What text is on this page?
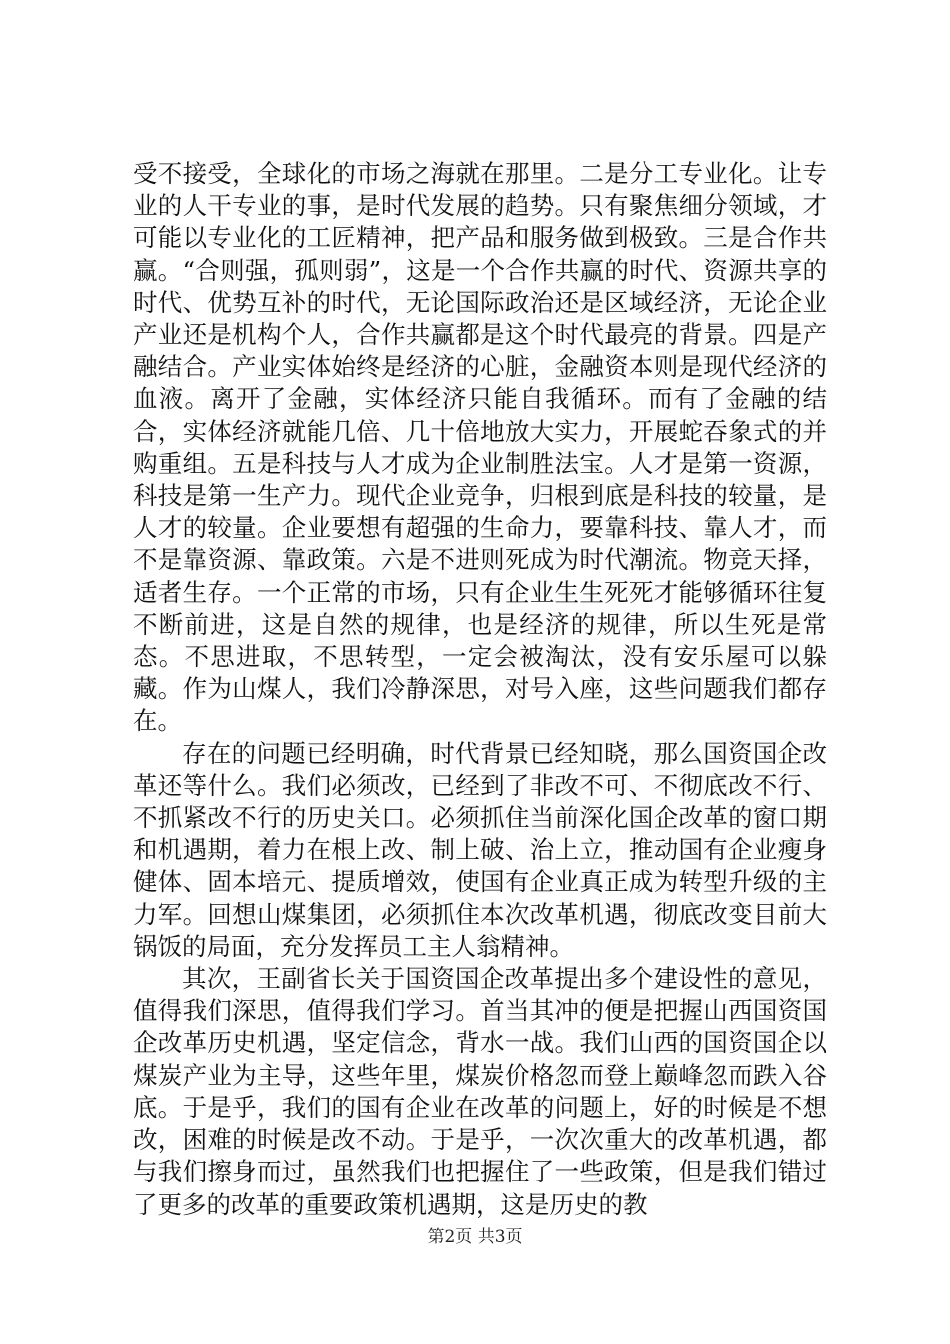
受不接受，全球化的市场之海就在那里。二是分工专业化。让专业的人干专业的事，是时代发展的趋势。只有聚焦细分领域，才可能以专业化的工匠精神，把产品和服务做到极致。三是合作共赢。“合则强，孤则弱”，这是一个合作共赢的时代、资源共享的时代、优势互补的时代，无论国际政治还是区域经济，无论企业产业还是机构个人，合作共赢都是这个时代最亮的背景。四是产融结合。产业实体始终是经济的心脏，金融资本则是现代经济的血液。离开了金融，实体经济只能自我循环。而有了金融的结合，实体经济就能几倍、几十倍地放大实力，开展蛇吞象式的并购重组。五是科技与人才成为企业制胜法宝。人才是第一资源，科技是第一生产力。现代企业竞争，归根到底是科技的较量，是人才的较量。企业要想有超强的生命力，要靠科技、靠人才，而不是靠资源、靠政策。六是不进则死成为时代潮流。物竞天择，适者生存。一个正常的市场，只有企业生生死死才能够循环往复不断前进，这是自然的规律，也是经济的规律，所以生死是常态。不思进取，不思转型，一定会被淘汰，没有安乐屋可以躲藏。作为山煤人，我们冷静深思，对号入座，这些问题我们都存在。

存在的问题已经明确，时代背景已经知晓，那么国资国企改革还等什么。我们必须改，已经到了非改不可、不彻底改不行、不抓紧改不行的历史关口。必须抓住当前深化国企改革的窗口期和机遇期，着力在根上改、制上破、治上立，推动国有企业瘦身健体、固本培元、提质增效，使国有企业真正成为转型升级的主力军。回想山煤集团，必须抓住本次改革机遇，彻底改变目前大锅饭的局面，充分发挥员工主人翁精神。

其次，王副省长关于国资国企改革提出多个建设性的意见，值得我们深思，值得我们学习。首当其冲的便是把握山西国资国企改革历史机遇，坚定信念，背水一战。我们山西的国资国企以煤炭产业为主导，这些年里，煤炭价格忽而登上巅峰忽而跌入谷底。于是乎，我们的国有企业在改革的问题上，好的时候是不想改，困难的时候是改不动。于是乎，一次次重大的改革机遇，都与我们擦身而过，虽然我们也把握住了一些政策，但是我们错过了更多的改革的重要政策机遇期，这是历史的教

第2页 共3页
